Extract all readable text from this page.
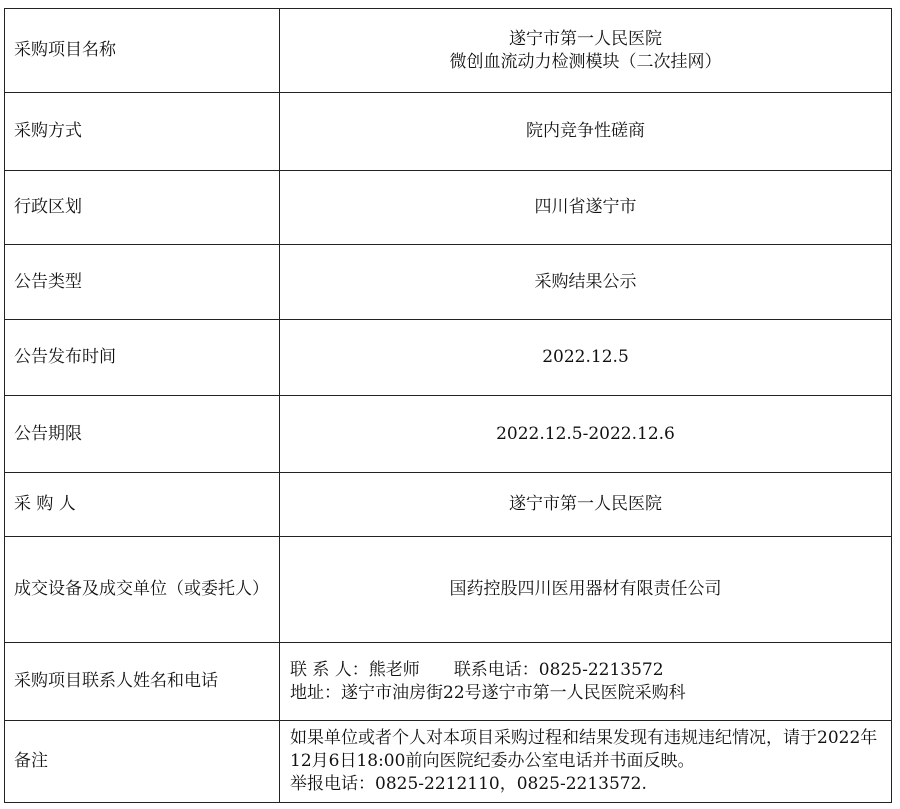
采购项目名称	遂宁市第一人民医院
微创血流动力检测模块（二次挂网）

采购方式	院内竞争性磋商
行政区划	四川省遂宁市
公告类型	采购结果公示
公告发布时间	2022.12.5
公告期限	2022.12.5-2022.12.6
采 购 人	遂宁市第一人民医院
成交设备及成交单位（或委托人）	国药控股四川医用器材有限责任公司
采购项目联系人姓名和电话	联 系 人：熊老师 联系电话：0825-2213572
地址：遂宁市油房街22号遂宁市第一人民医院采购科

备注	如果单位或者个人对本项目采购过程和结果发现有违规违纪情况，请于2022年12月6日18:00前向医院纪委办公室电话并书面反映。
举报电话：0825-2212110，0825-2213572.
